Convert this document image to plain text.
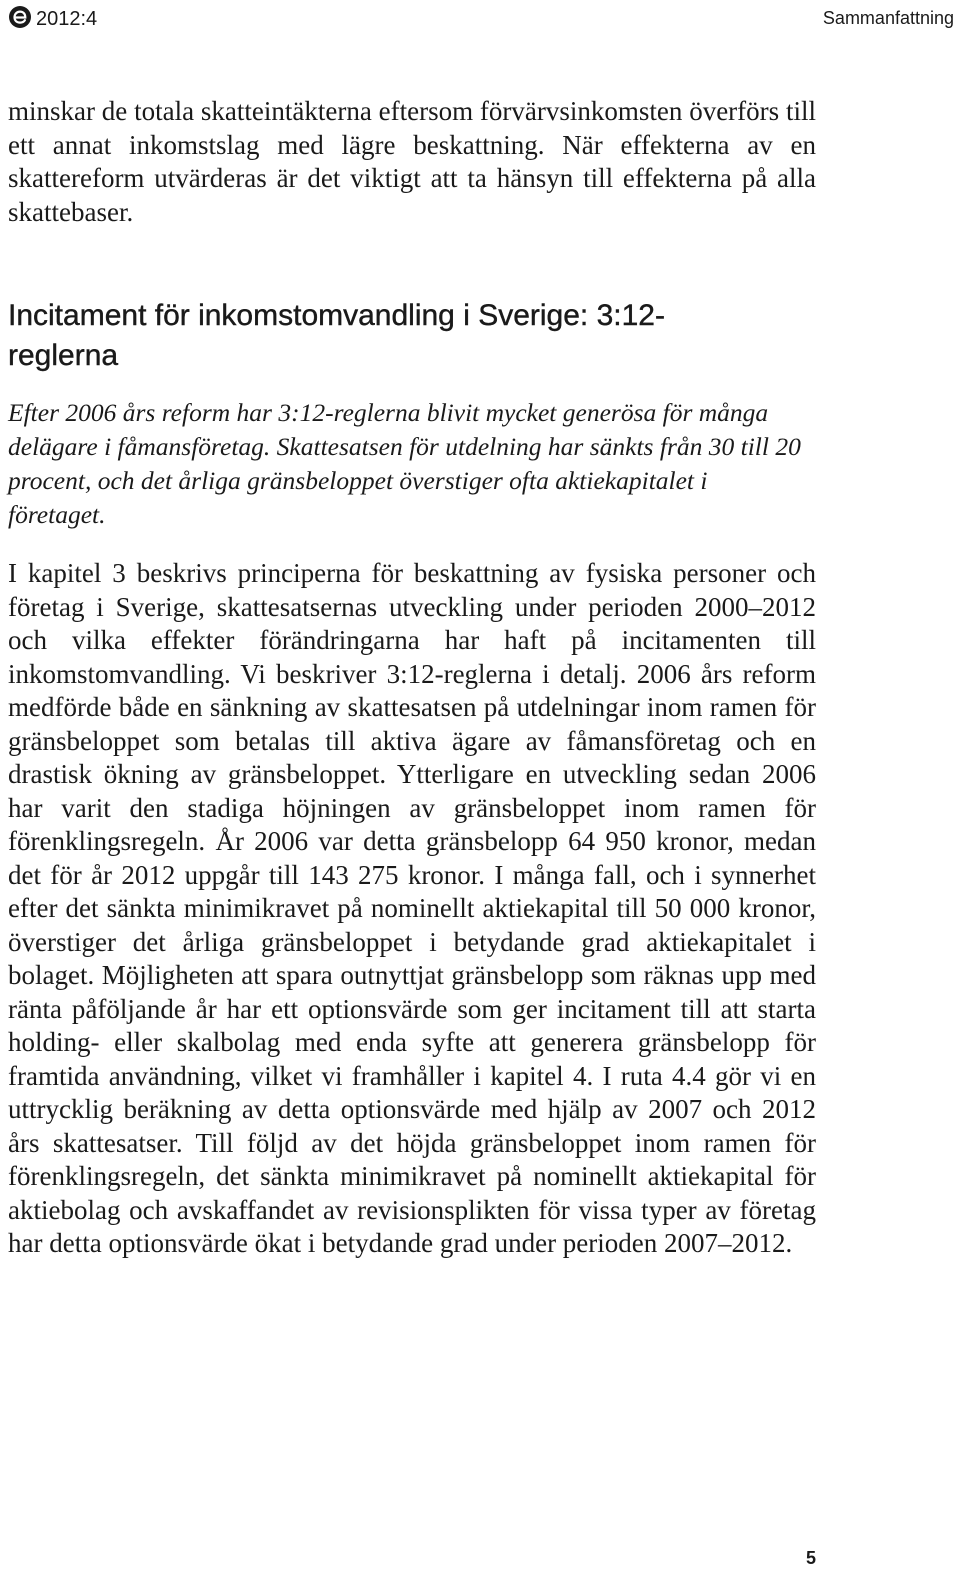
2012:4	Sammanfattning

minskar de totala skatteintäkterna eftersom förvärvsinkomsten överförs till ett annat inkomstslag med lägre beskattning. När effekterna av en skattereform utvärderas är det viktigt att ta hänsyn till effekterna på alla skattebaser.

Incitament för inkomstomvandling i Sverige: 3:12-reglerna

Efter 2006 års reform har 3:12-reglerna blivit mycket generösa för många delägare i fåmansföretag. Skattesatsen för utdelning har sänkts från 30 till 20 procent, och det årliga gränsbeloppet överstiger ofta aktiekapitalet i företaget.

I kapitel 3 beskrivs principerna för beskattning av fysiska personer och företag i Sverige, skattesatsernas utveckling under perioden 2000–2012 och vilka effekter förändringarna har haft på incitamenten till inkomstomvandling. Vi beskriver 3:12-reglerna i detalj. 2006 års reform medförde både en sänkning av skattesatsen på utdelningar inom ramen för gränsbeloppet som betalas till aktiva ägare av fåmansföretag och en drastisk ökning av gränsbeloppet. Ytterligare en utveckling sedan 2006 har varit den stadiga höjningen av gränsbeloppet inom ramen för förenklingsregeln. År 2006 var detta gränsbelopp 64 950 kronor, medan det för år 2012 uppgår till 143 275 kronor. I många fall, och i synnerhet efter det sänkta minimikravet på nominellt aktiekapital till 50 000 kronor, överstiger det årliga gränsbeloppet i betydande grad aktiekapitalet i bolaget. Möjligheten att spara outnyttjat gränsbelopp som räknas upp med ränta påföljande år har ett optionsvärde som ger incitament till att starta holding- eller skalbolag med enda syfte att generera gränsbelopp för framtida användning, vilket vi framhåller i kapitel 4. I ruta 4.4 gör vi en uttrycklig beräkning av detta optionsvärde med hjälp av 2007 och 2012 års skattesatser. Till följd av det höjda gränsbeloppet inom ramen för förenklingsregeln, det sänkta minimikravet på nominellt aktiekapital för aktiebolag och avskaffandet av revisionsplikten för vissa typer av företag har detta optionsvärde ökat i betydande grad under perioden 2007–2012.

5
